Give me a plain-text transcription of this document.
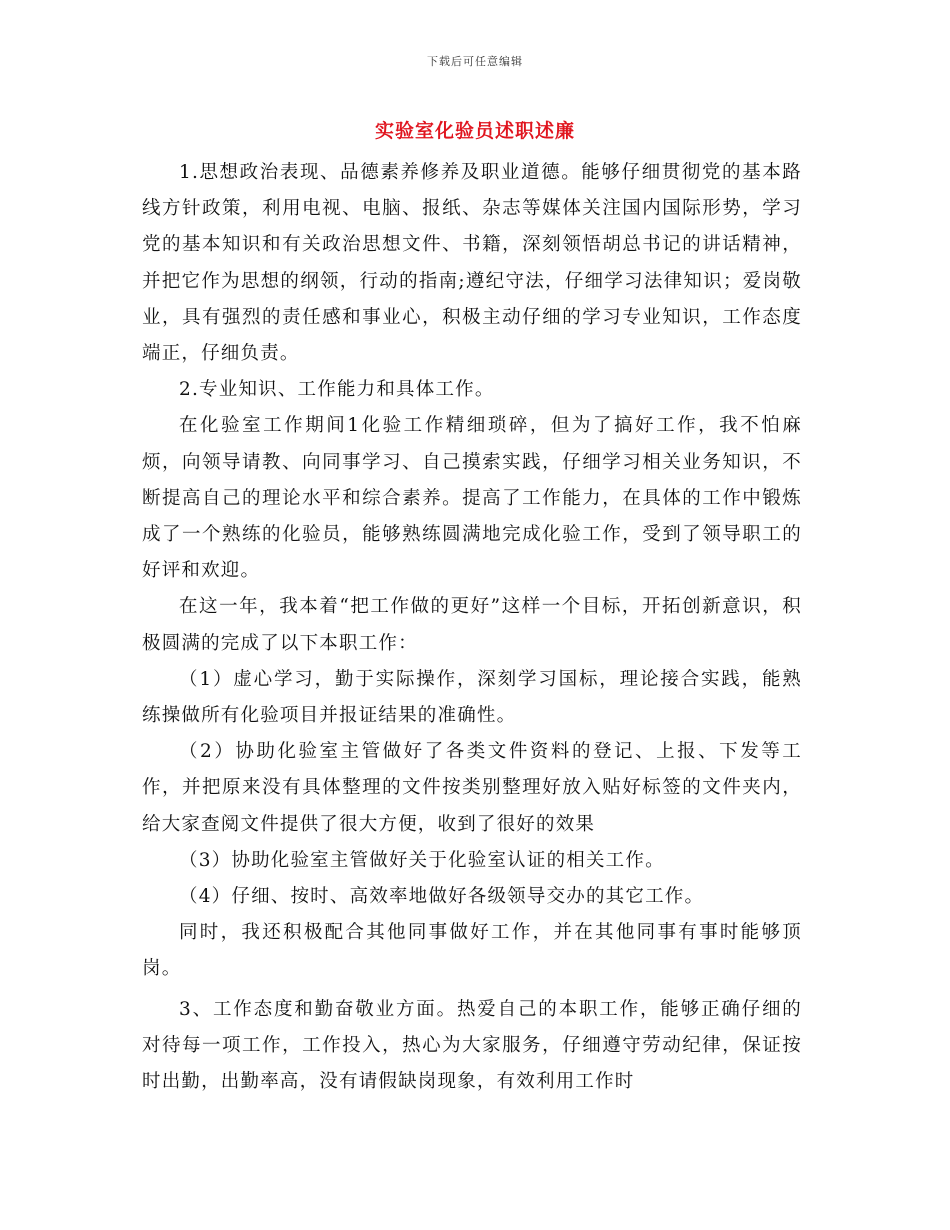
下载后可任意编辑
实验室化验员述职述廉

1.思想政治表现、品德素养修养及职业道德。能够仔细贯彻党的基本路线方针政策，利用电视、电脑、报纸、杂志等媒体关注国内国际形势，学习党的基本知识和有关政治思想文件、书籍，深刻领悟胡总书记的讲话精神，并把它作为思想的纲领，行动的指南;遵纪守法，仔细学习法律知识；爱岗敬业，具有强烈的责任感和事业心，积极主动仔细的学习专业知识，工作态度端正，仔细负责。

2.专业知识、工作能力和具体工作。

在化验室工作期间1化验工作精细琐碎，但为了搞好工作，我不怕麻烦，向领导请教、向同事学习、自己摸索实践，仔细学习相关业务知识，不断提高自己的理论水平和综合素养。提高了工作能力，在具体的工作中锻炼成了一个熟练的化验员，能够熟练圆满地完成化验工作，受到了领导职工的好评和欢迎。

在这一年，我本着“把工作做的更好”这样一个目标，开拓创新意识，积极圆满的完成了以下本职工作：

（1）虚心学习，勤于实际操作，深刻学习国标，理论接合实践，能熟练操做所有化验项目并报证结果的准确性。

（2）协助化验室主管做好了各类文件资料的登记、上报、下发等工作，并把原来没有具体整理的文件按类别整理好放入贴好标签的文件夹内，给大家查阅文件提供了很大方便，收到了很好的效果

（3）协助化验室主管做好关于化验室认证的相关工作。

（4）仔细、按时、高效率地做好各级领导交办的其它工作。

同时，我还积极配合其他同事做好工作，并在其他同事有事时能够顶岗。

3、工作态度和勤奋敬业方面。热爱自己的本职工作，能够正确仔细的对待每一项工作，工作投入，热心为大家服务，仔细遵守劳动纪律，保证按时出勤，出勤率高，没有请假缺岗现象，有效利用工作时
